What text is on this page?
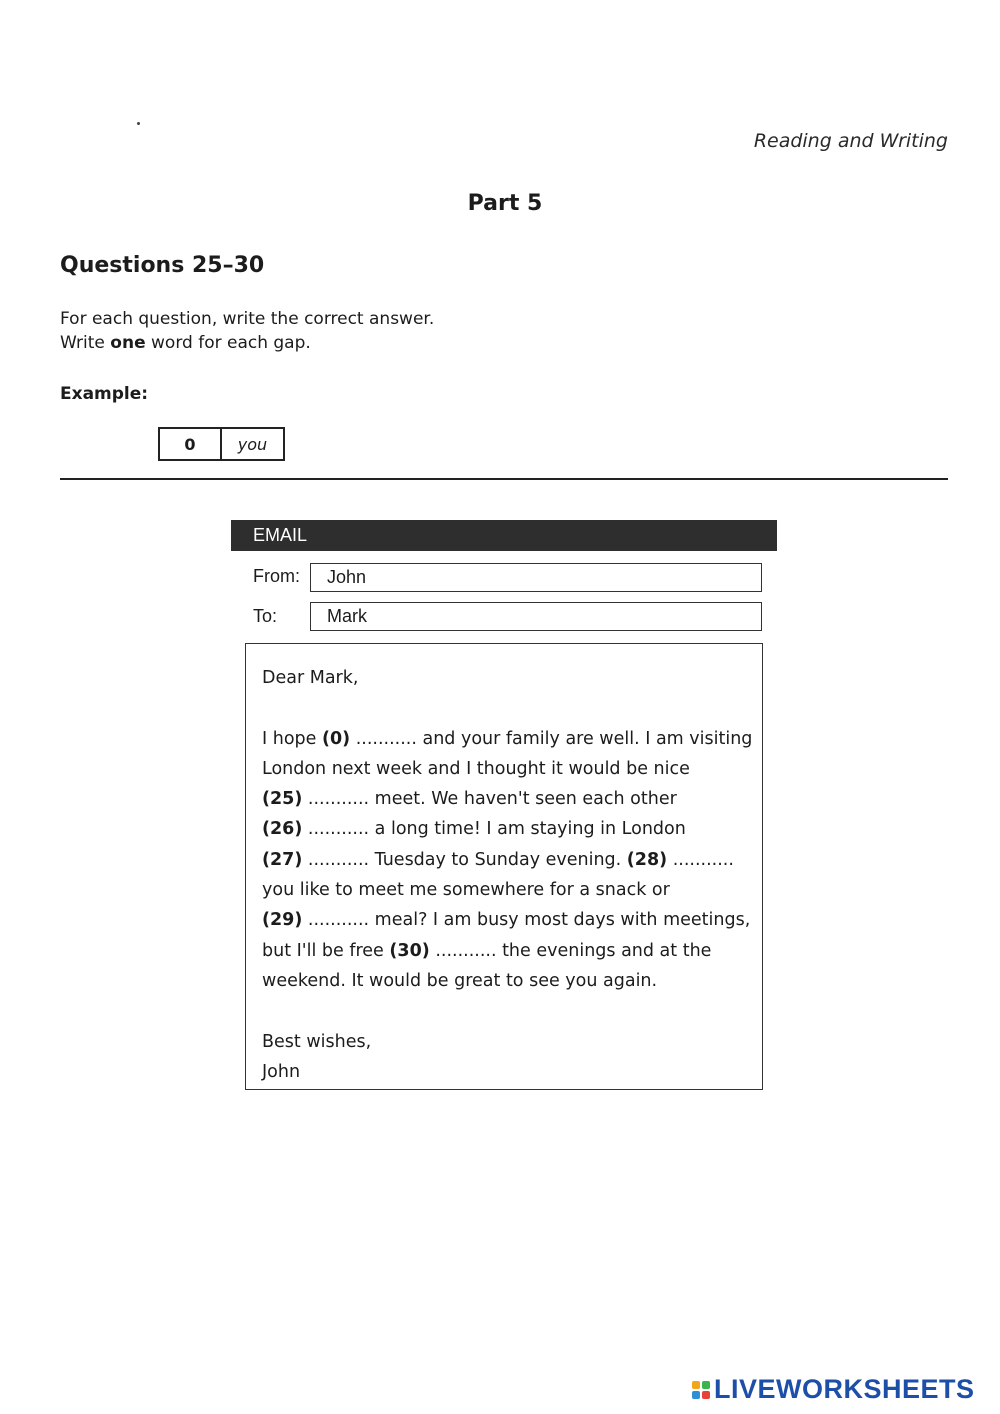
Reading and Writing
Part 5
Questions 25–30
For each question, write the correct answer.
Write one word for each gap.
Example:
0	you
EMAIL
From: John
To:	Mark
Dear Mark,
I hope (0) ........... and your family are well. I am visiting
London next week and I thought it would be nice
(25) ........... meet. We haven't seen each other
(26) ........... a long time! I am staying in London
(27) ........... Tuesday to Sunday evening. (28) ...........
you like to meet me somewhere for a snack or
(29) ........... meal? I am busy most days with meetings,
but I'll be free (30) ........... the evenings and at the
weekend. It would be great to see you again.
Best wishes,
John
LIVEWORKSHEETS
